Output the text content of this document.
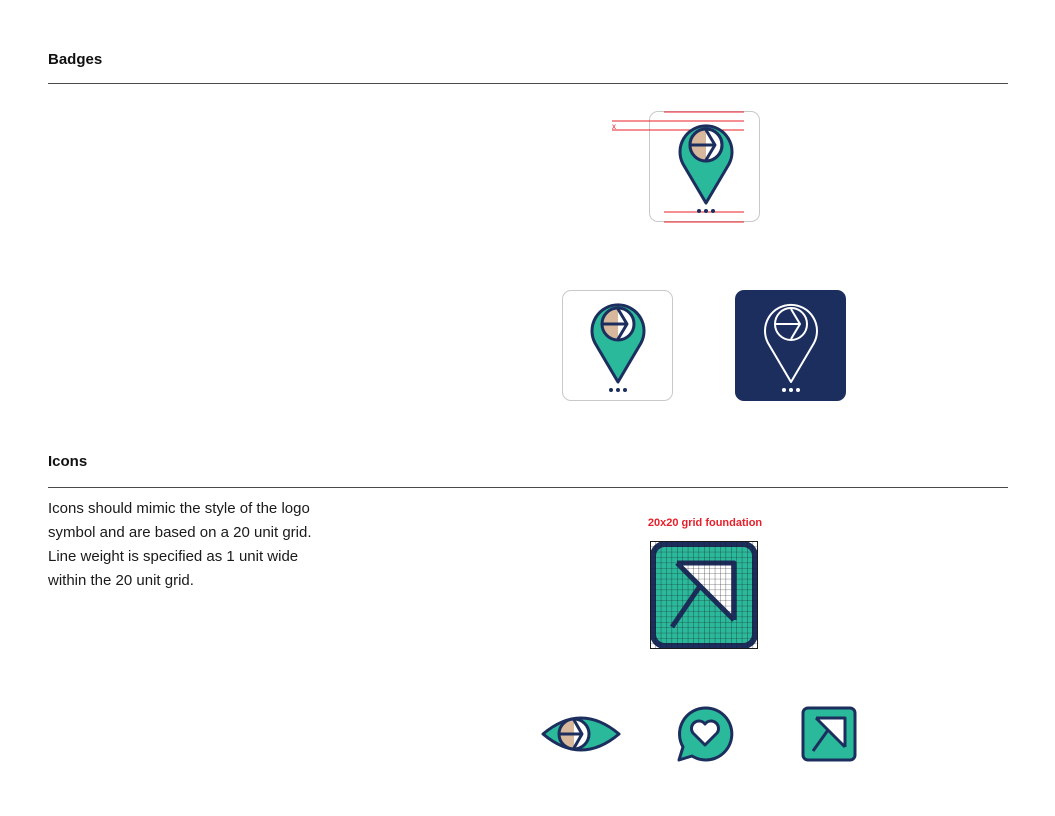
Badges
x
Icons

Icons should mimic the style of the logo symbol and are based on a 20 unit grid. Line weight is specified as 1 unit wide within the 20 unit grid.

20x20 grid foundation
